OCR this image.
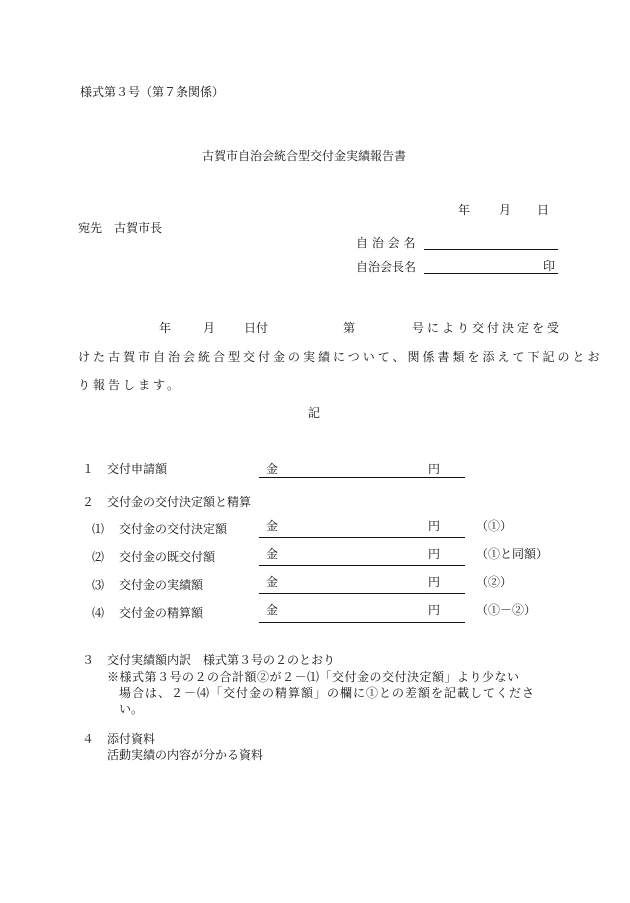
様式第３号（第７条関係）
古賀市自治会統合型交付金実績報告書
年 月 日
宛先　古賀市長
自 治 会 名
自治会長名	印
年	月 日付	第	号により交付決定を受
けた古賀市自治会統合型交付金の実績について、関係書類を添えて下記のとお
り報告します。
記
１ 交付申請額	金	円
２ 交付金の交付決定額と精算
⑴ 交付金の交付決定額	金	円	（①）
⑵ 交付金の既交付額	金	円	（①と同額）
⑶ 交付金の実績額	金	円	（②）
⑷ 交付金の精算額	金	円	（①－②）
３ 交付実績額内訳　様式第３号の２のとおり
※様式第３号の２の合計額②が２－⑴「交付金の交付決定額」より少ない
場合は、２－⑷「交付金の精算額」の欄に①との差額を記載してくださ
い。
４ 添付資料
活動実績の内容が分かる資料
